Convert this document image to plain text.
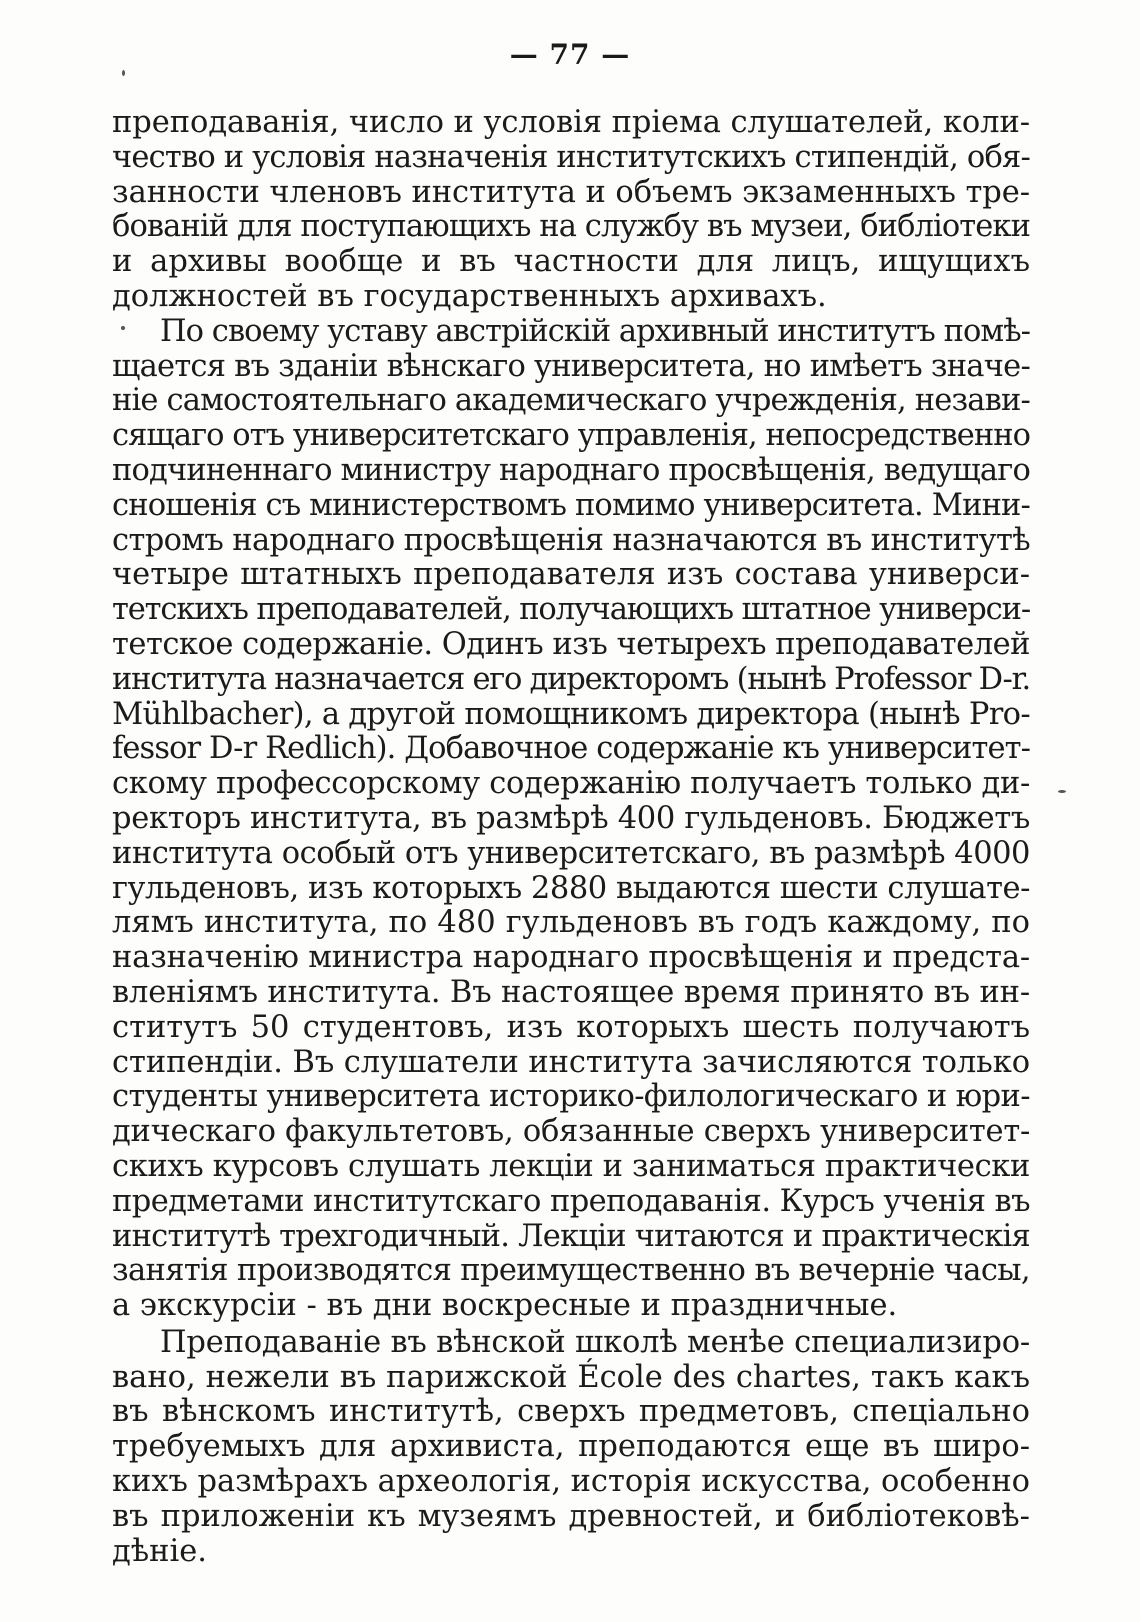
— 77 —
преподаванія, число и условія пріема слушателей, коли-
чество и условія назначенія институтскихъ стипендій, обя-
занности членовъ института и объемъ экзаменныхъ тре-
бованій для поступающихъ на службу въ музеи, библіотеки
и архивы вообще и въ частности для лицъ, ищущихъ
должностей въ государственныхъ архивахъ.
По своему уставу австрійскій архивный институтъ помѣ-
щается въ зданіи вѣнскаго университета, но имѣетъ значе-
ніе самостоятельнаго академическаго учрежденія, незави-
сящаго отъ университетскаго управленія, непосредственно
подчиненнаго министру народнаго просвѣщенія, ведущаго
сношенія съ министерствомъ помимо университета. Мини-
стромъ народнаго просвѣщенія назначаются въ институтѣ
четыре штатныхъ преподавателя изъ состава универси-
тетскихъ преподавателей, получающихъ штатное универси-
тетское содержаніе. Одинъ изъ четырехъ преподавателей
института назначается его директоромъ (нынѣ Professor D-r.
Mühlbacher), а другой помощникомъ директора (нынѣ Pro-
fessor D-r Redlich). Добавочное содержаніе къ университет-
скому профессорскому содержанію получаетъ только ди-
ректоръ института, въ размѣрѣ 400 гульденовъ. Бюджетъ
института особый отъ университетскаго, въ размѣрѣ 4000
гульденовъ, изъ которыхъ 2880 выдаются шести слушате-
лямъ института, по 480 гульденовъ въ годъ каждому, по
назначенію министра народнаго просвѣщенія и предста-
вленіямъ института. Въ настоящее время принято въ ин-
ститутъ 50 студентовъ, изъ которыхъ шесть получаютъ
стипендіи. Въ слушатели института зачисляются только
студенты университета историко-филологическаго и юри-
дическаго факультетовъ, обязанные сверхъ университет-
скихъ курсовъ слушать лекціи и заниматься практически
предметами институтскаго преподаванія. Курсъ ученія въ
институтѣ трехгодичный. Лекціи читаются и практическія
занятія производятся преимущественно въ вечерніе часы,
а экскурсіи - въ дни воскресные и праздничные.
Преподаваніе въ вѣнской школѣ менѣе специализиро-
вано, нежели въ парижской École des chartes, такъ какъ
въ вѣнскомъ институтѣ, сверхъ предметовъ, спеціально
требуемыхъ для архивиста, преподаются еще въ широ-
кихъ размѣрахъ археологія, исторія искусства, особенно
въ приложеніи къ музеямъ древностей, и библіотековѣ-
дѣніе.
